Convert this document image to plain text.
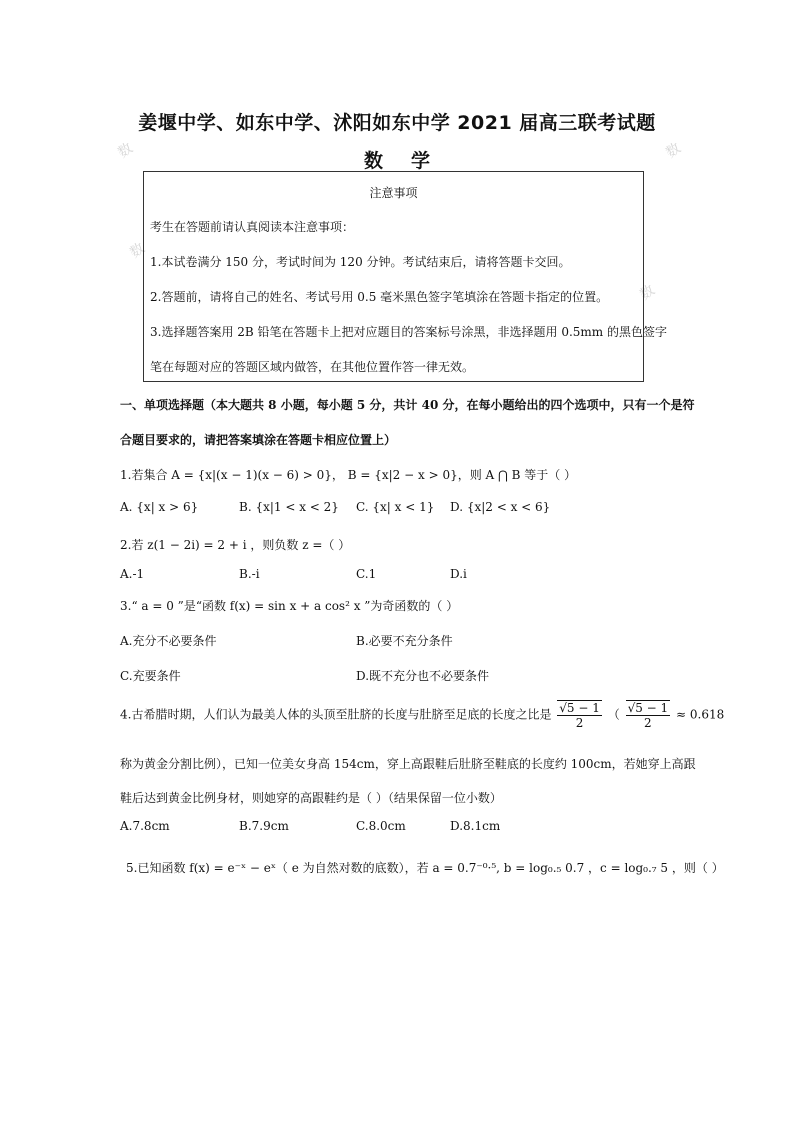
数
数
数
数
姜堰中学、如东中学、沭阳如东中学 2021 届高三联考试题
数学
注意事项
考生在答题前请认真阅读本注意事项：
1.本试卷满分 150 分，考试时间为 120 分钟。考试结束后，请将答题卡交回。
2.答题前，请将自己的姓名、考试号用 0.5 毫米黑色签字笔填涂在答题卡指定的位置。
3.选择题答案用 2B 铅笔在答题卡上把对应题目的答案标号涂黑，非选择题用 0.5mm 的黑色签字
笔在每题对应的答题区域内做答，在其他位置作答一律无效。
一、单项选择题（本大题共 8 小题，每小题 5 分，共计 40 分，在每小题给出的四个选项中，只有一个是符
合题目要求的，请把答案填涂在答题卡相应位置上）
1.若集合 A = {x|(x − 1)(x − 6) > 0}， B = {x|2 − x > 0}，则 A ⋂ B 等于（ ）
A. {x| x > 6}	B. {x|1 < x < 2} C. {x| x < 1} D. {x|2 < x < 6}
2.若 z(1 − 2i) = 2 + i ，则负数 z =（ ）
A.-1	B.-i	C.1	D.i
3.“ a = 0 ”是“函数 f(x) = sin x + a cos² x ”为奇函数的（ ）
A.充分不必要条件	B.必要不充分条件
C.充要条件	D.既不充分也不必要条件
4.古希腊时期，人们认为最美人体的头顶至肚脐的长度与肚脐至足底的长度之比是 $\frac{√5 - 1}{2}$ （ $\frac{√5 - 1}{2} \approx 0.618$
称为黄金分割比例），已知一位美女身高 154cm，穿上高跟鞋后肚脐至鞋底的长度约 100cm，若她穿上高跟
鞋后达到黄金比例身材，则她穿的高跟鞋约是（ ）（结果保留一位小数）
A.7.8cm	B.7.9cm	C.8.0cm	D.8.1cm
5.已知函数 f(x) = e⁻ˣ − eˣ（ e 为自然对数的底数），若 a = 0.7⁻⁰·⁵, b = log₀.₅ 0.7 ，c = log₀.₇ 5 ，则（ ）
